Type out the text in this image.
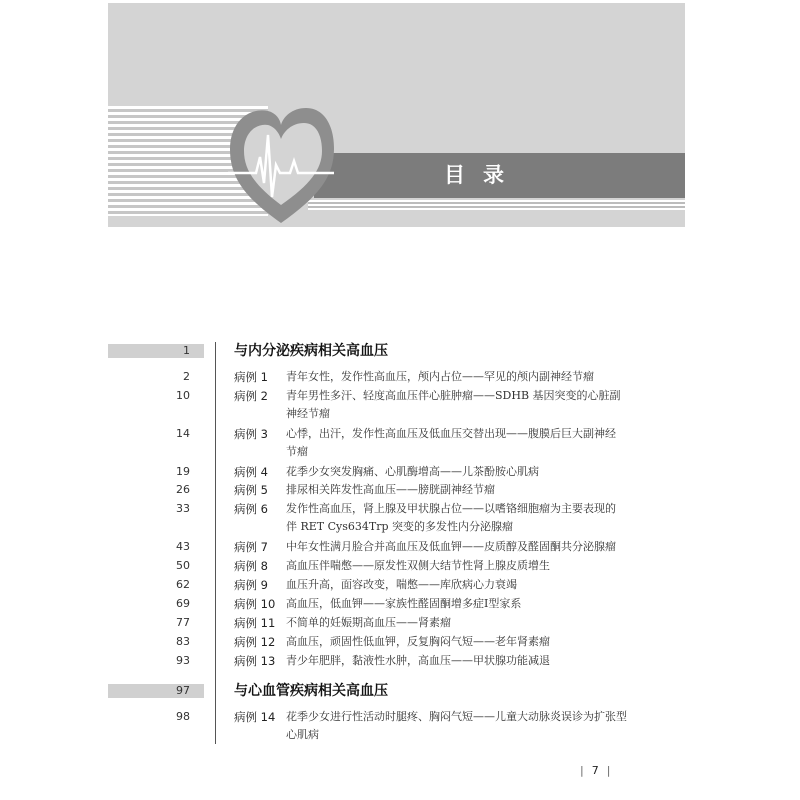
目录
1	与内分泌疾病相关高血压
2	病例 1 青年女性，发作性高血压，颅内占位——罕见的颅内副神经节瘤
10	病例 2 青年男性多汗、轻度高血压伴心脏肿瘤——SDHB 基因突变的心脏副
神经节瘤
14	病例 3 心悸，出汗，发作性高血压及低血压交替出现——腹膜后巨大副神经
节瘤
19	病例 4 花季少女突发胸痛、心肌酶增高——儿茶酚胺心肌病
26	病例 5 排尿相关阵发性高血压——膀胱副神经节瘤
33	病例 6 发作性高血压，肾上腺及甲状腺占位——以嗜铬细胞瘤为主要表现的
伴 RET Cys634Trp 突变的多发性内分泌腺瘤
43	病例 7 中年女性满月脸合并高血压及低血钾——皮质醇及醛固酮共分泌腺瘤
50	病例 8 高血压伴喘憋——原发性双侧大结节性肾上腺皮质增生
62	病例 9 血压升高，面容改变，喘憋——库欣病心力衰竭
69	病例 10 高血压，低血钾——家族性醛固酮增多症Ⅰ型家系
77	病例 11 不简单的妊娠期高血压——肾素瘤
83	病例 12 高血压，顽固性低血钾，反复胸闷气短——老年肾素瘤
93	病例 13 青少年肥胖，黏液性水肿，高血压——甲状腺功能减退
97	与心血管疾病相关高血压
98	病例 14 花季少女进行性活动时腿疼、胸闷气短——儿童大动脉炎误诊为扩张型
心肌病
| 7 |
